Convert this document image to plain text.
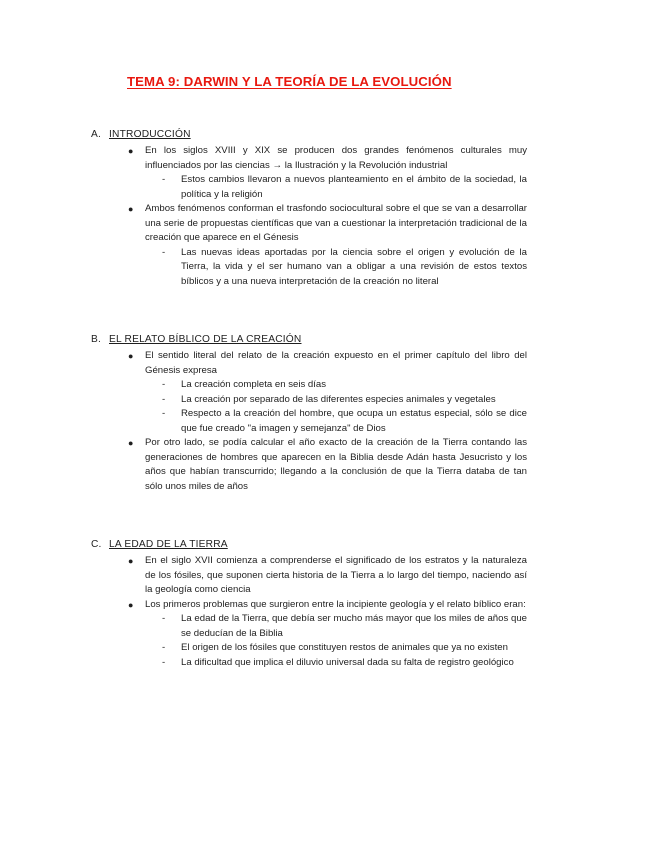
TEMA 9: DARWIN Y LA TEORÍA DE LA EVOLUCIÓN
A. INTRODUCCIÓN
● En los siglos XVIII y XIX se producen dos grandes fenómenos culturales muy influenciados por las ciencias → la Ilustración y la Revolución industrial
- Estos cambios llevaron a nuevos planteamiento en el ámbito de la sociedad, la política y la religión
● Ambos fenómenos conforman el trasfondo sociocultural sobre el que se van a desarrollar una serie de propuestas científicas que van a cuestionar la interpretación tradicional de la creación que aparece en el Génesis
- Las nuevas ideas aportadas por la ciencia sobre el origen y evolución de la Tierra, la vida y el ser humano van a obligar a una revisión de estos textos bíblicos y a una nueva interpretación de la creación no literal
B. EL RELATO BÍBLICO DE LA CREACIÓN
● El sentido literal del relato de la creación expuesto en el primer capítulo del libro del Génesis expresa
- La creación completa en seis días
- La creación por separado de las diferentes especies animales y vegetales
- Respecto a la creación del hombre, que ocupa un estatus especial, sólo se dice que fue creado "a imagen y semejanza" de Dios
● Por otro lado, se podía calcular el año exacto de la creación de la Tierra contando las generaciones de hombres que aparecen en la Biblia desde Adán hasta Jesucristo y los años que habían transcurrido; llegando a la conclusión de que la Tierra databa de tan sólo unos miles de años
C. LA EDAD DE LA TIERRA
● En el siglo XVII comienza a comprenderse el significado de los estratos y la naturaleza de los fósiles, que suponen cierta historia de la Tierra a lo largo del tiempo, naciendo así la geología como ciencia
● Los primeros problemas que surgieron entre la incipiente geología y el relato bíblico eran:
- La edad de la Tierra, que debía ser mucho más mayor que los miles de años que se deducían de la Biblia
- El origen de los fósiles que constituyen restos de animales que ya no existen
- La dificultad que implica el diluvio universal dada su falta de registro geológico
